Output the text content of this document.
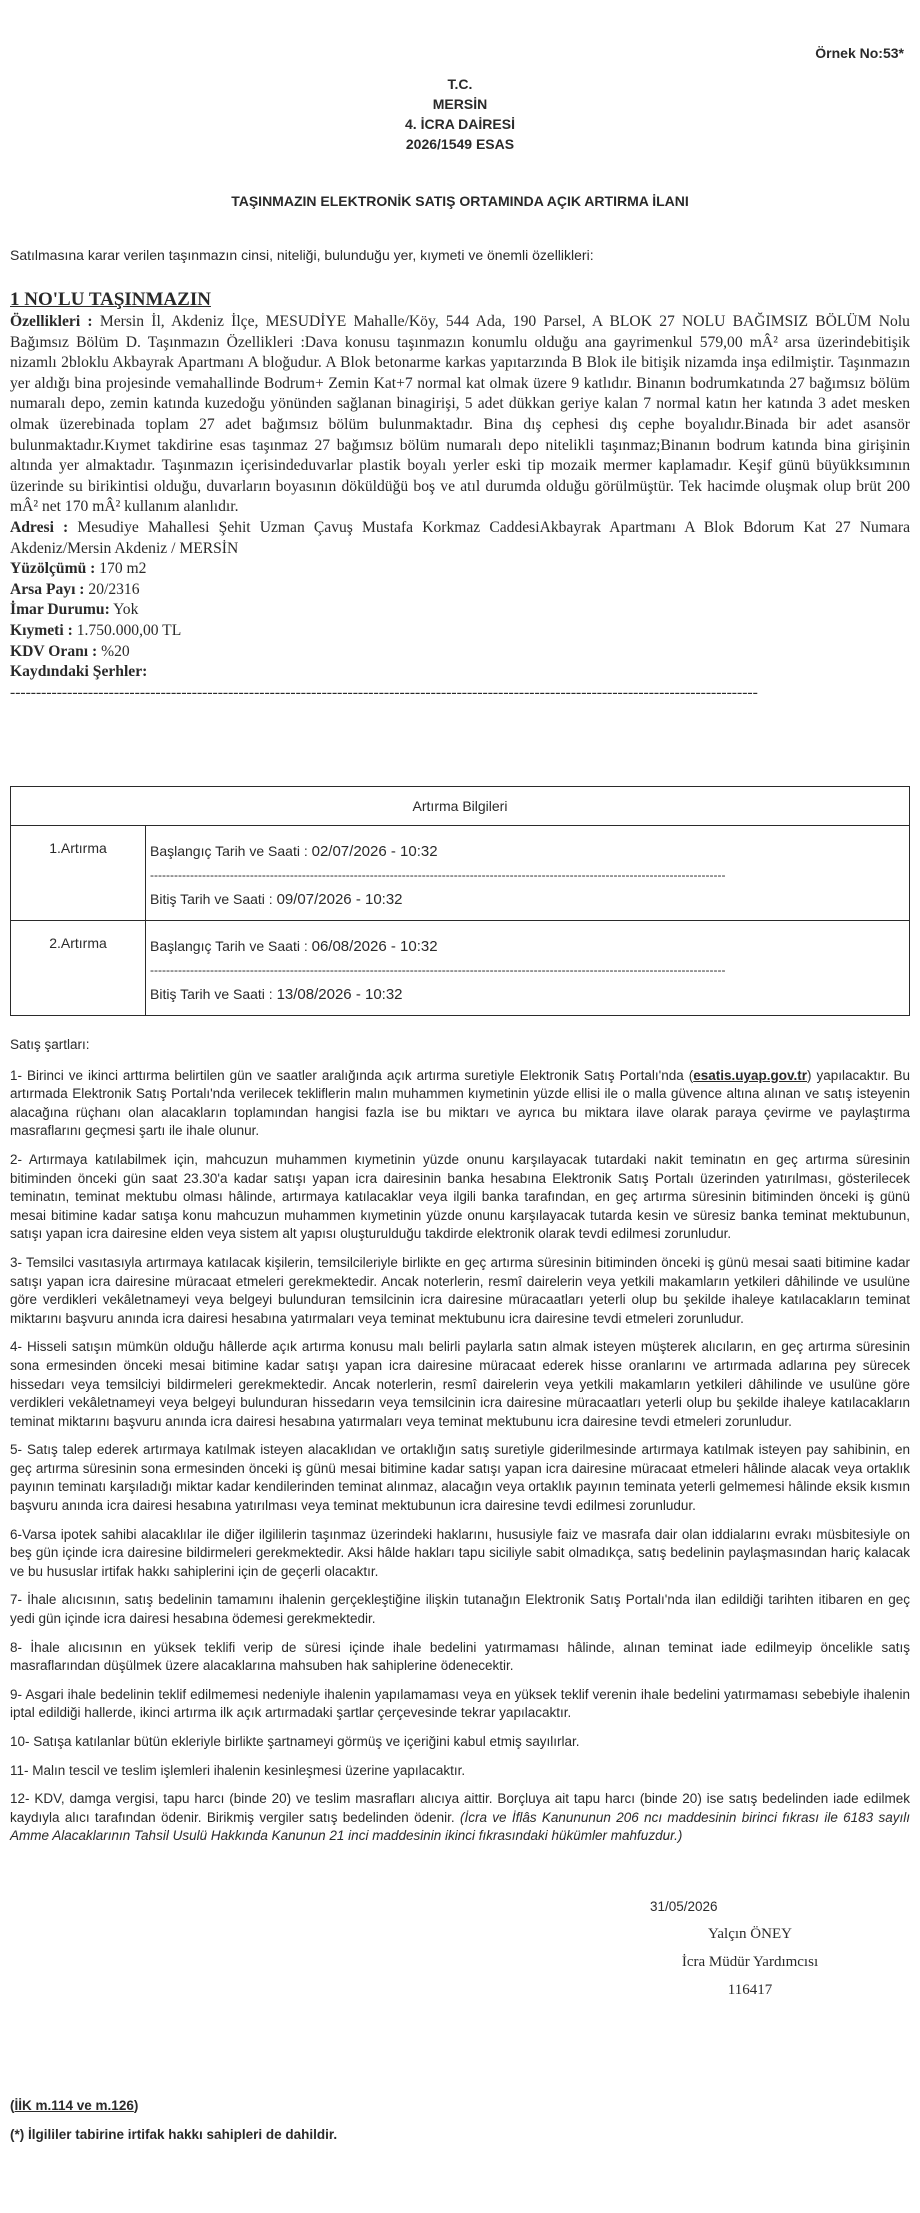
Örnek No:53*
T.C.
MERSİN
4. İCRA DAİRESİ
2026/1549 ESAS
TAŞINMAZIN ELEKTRONİK SATIŞ ORTAMINDA AÇIK ARTIRMA İLANI
Satılmasına karar verilen taşınmazın cinsi, niteliği, bulunduğu yer, kıymeti ve önemli özellikleri:
1 NO'LU TAŞINMAZIN
Özellikleri : Mersin İl, Akdeniz İlçe, MESUDİYE Mahalle/Köy, 544 Ada, 190 Parsel, A BLOK 27 NOLU BAĞIMSIZ BÖLÜM Nolu Bağımsız Bölüm D. Taşınmazın Özellikleri :Dava konusu taşınmazın konumlu olduğu ana gayrimenkul 579,00 mÂ² arsa üzerindebitişik nizamlı 2bloklu Akbayrak Apartmanı A bloğudur. A Blok betonarme karkas yapıtarzında B Blok ile bitişik nizamda inşa edilmiştir. Taşınmazın yer aldığı bina projesinde vemahallinde Bodrum+ Zemin Kat+7 normal kat olmak üzere 9 katlıdır. Binanın bodrumkatında 27 bağımsız bölüm numaralı depo, zemin katında kuzedoğu yönünden sağlanan binagirişi, 5 adet dükkan geriye kalan 7 normal katın her katında 3 adet mesken olmak üzerebinada toplam 27 adet bağımsız bölüm bulunmaktadır. Bina dış cephesi dış cephe boyalıdır.Binada bir adet asansör bulunmaktadır.Kıymet takdirine esas taşınmaz 27 bağımsız bölüm numaralı depo nitelikli taşınmaz;Binanın bodrum katında bina girişinin altında yer almaktadır. Taşınmazın içerisindeduvarlar plastik boyalı yerler eski tip mozaik mermer kaplamadır. Keşif günü büyükksımının üzerinde su birikintisi olduğu, duvarların boyasının döküldüğü boş ve atıl durumda olduğu görülmüştür. Tek hacimde oluşmak olup brüt 200 mÂ² net 170 mÂ² kullanım alanlıdır.
Adresi : Mesudiye Mahallesi Şehit Uzman Çavuş Mustafa Korkmaz CaddesiAkbayrak Apartmanı A Blok Bdorum Kat 27 Numara Akdeniz/Mersin Akdeniz / MERSİN
Yüzölçümü : 170 m2
Arsa Payı : 20/2316
İmar Durumu: Yok
Kıymeti : 1.750.000,00 TL
KDV Oranı : %20
Kaydındaki Şerhler:
------------------------------------------------------------------------------------------------------------------------------------------------
Artırma Bilgileri	
1.Artırma	Başlangıç Tarih ve Saati : 02/07/2026 - 10:32
------------------------------------------------------------------------------------------------------------------------------------------------
Bitiş Tarih ve Saati : 09/07/2026 - 10:32

2.Artırma	Başlangıç Tarih ve Saati : 06/08/2026 - 10:32
------------------------------------------------------------------------------------------------------------------------------------------------
Bitiş Tarih ve Saati : 13/08/2026 - 10:32

Satış şartları:

1- Birinci ve ikinci arttırma belirtilen gün ve saatler aralığında açık artırma suretiyle Elektronik Satış Portalı'nda (esatis.uyap.gov.tr) yapılacaktır. Bu artırmada Elektronik Satış Portalı'nda verilecek tekliflerin malın muhammen kıymetinin yüzde ellisi ile o malla güvence altına alınan ve satış isteyenin alacağına rüçhanı olan alacakların toplamından hangisi fazla ise bu miktarı ve ayrıca bu miktara ilave olarak paraya çevirme ve paylaştırma masraflarını geçmesi şartı ile ihale olunur.

2- Artırmaya katılabilmek için, mahcuzun muhammen kıymetinin yüzde onunu karşılayacak tutardaki nakit teminatın en geç artırma süresinin bitiminden önceki gün saat 23.30'a kadar satışı yapan icra dairesinin banka hesabına Elektronik Satış Portalı üzerinden yatırılması, gösterilecek teminatın, teminat mektubu olması hâlinde, artırmaya katılacaklar veya ilgili banka tarafından, en geç artırma süresinin bitiminden önceki iş günü mesai bitimine kadar satışa konu mahcuzun muhammen kıymetinin yüzde onunu karşılayacak tutarda kesin ve süresiz banka teminat mektubunun, satışı yapan icra dairesine elden veya sistem alt yapısı oluşturulduğu takdirde elektronik olarak tevdi edilmesi zorunludur.

3- Temsilci vasıtasıyla artırmaya katılacak kişilerin, temsilcileriyle birlikte en geç artırma süresinin bitiminden önceki iş günü mesai saati bitimine kadar satışı yapan icra dairesine müracaat etmeleri gerekmektedir. Ancak noterlerin, resmî dairelerin veya yetkili makamların yetkileri dâhilinde ve usulüne göre verdikleri vekâletnameyi veya belgeyi bulunduran temsilcinin icra dairesine müracaatları yeterli olup bu şekilde ihaleye katılacakların teminat miktarını başvuru anında icra dairesi hesabına yatırmaları veya teminat mektubunu icra dairesine tevdi etmeleri zorunludur.

4- Hisseli satışın mümkün olduğu hâllerde açık artırma konusu malı belirli paylarla satın almak isteyen müşterek alıcıların, en geç artırma süresinin sona ermesinden önceki mesai bitimine kadar satışı yapan icra dairesine müracaat ederek hisse oranlarını ve artırmada adlarına pey sürecek hissedarı veya temsilciyi bildirmeleri gerekmektedir. Ancak noterlerin, resmî dairelerin veya yetkili makamların yetkileri dâhilinde ve usulüne göre verdikleri vekâletnameyi veya belgeyi bulunduran hissedarın veya temsilcinin icra dairesine müracaatları yeterli olup bu şekilde ihaleye katılacakların teminat miktarını başvuru anında icra dairesi hesabına yatırmaları veya teminat mektubunu icra dairesine tevdi etmeleri zorunludur.

5- Satış talep ederek artırmaya katılmak isteyen alacaklıdan ve ortaklığın satış suretiyle giderilmesinde artırmaya katılmak isteyen pay sahibinin, en geç artırma süresinin sona ermesinden önceki iş günü mesai bitimine kadar satışı yapan icra dairesine müracaat etmeleri hâlinde alacak veya ortaklık payının teminatı karşıladığı miktar kadar kendilerinden teminat alınmaz, alacağın veya ortaklık payının teminata yeterli gelmemesi hâlinde eksik kısmın başvuru anında icra dairesi hesabına yatırılması veya teminat mektubunun icra dairesine tevdi edilmesi zorunludur.

6-Varsa ipotek sahibi alacaklılar ile diğer ilgililerin taşınmaz üzerindeki haklarını, hususiyle faiz ve masrafa dair olan iddialarını evrakı müsbitesiyle on beş gün içinde icra dairesine bildirmeleri gerekmektedir. Aksi hâlde hakları tapu siciliyle sabit olmadıkça, satış bedelinin paylaşmasından hariç kalacak ve bu hususlar irtifak hakkı sahiplerini için de geçerli olacaktır.

7- İhale alıcısının, satış bedelinin tamamını ihalenin gerçekleştiğine ilişkin tutanağın Elektronik Satış Portalı'nda ilan edildiği tarihten itibaren en geç yedi gün içinde icra dairesi hesabına ödemesi gerekmektedir.

8- İhale alıcısının en yüksek teklifi verip de süresi içinde ihale bedelini yatırmaması hâlinde, alınan teminat iade edilmeyip öncelikle satış masraflarından düşülmek üzere alacaklarına mahsuben hak sahiplerine ödenecektir.

9- Asgari ihale bedelinin teklif edilmemesi nedeniyle ihalenin yapılamaması veya en yüksek teklif verenin ihale bedelini yatırmaması sebebiyle ihalenin iptal edildiği hallerde, ikinci artırma ilk açık artırmadaki şartlar çerçevesinde tekrar yapılacaktır.

10- Satışa katılanlar bütün ekleriyle birlikte şartnameyi görmüş ve içeriğini kabul etmiş sayılırlar.

11- Malın tescil ve teslim işlemleri ihalenin kesinleşmesi üzerine yapılacaktır.

12- KDV, damga vergisi, tapu harcı (binde 20) ve teslim masrafları alıcıya aittir. Borçluya ait tapu harcı (binde 20) ise satış bedelinden iade edilmek kaydıyla alıcı tarafından ödenir. Birikmiş vergiler satış bedelinden ödenir. (İcra ve İflâs Kanununun 206 ncı maddesinin birinci fıkrası ile 6183 sayılı Amme Alacaklarının Tahsil Usulü Hakkında Kanunun 21 inci maddesinin ikinci fıkrasındaki hükümler mahfuzdur.)

31/05/2026
Yalçın ÖNEY
İcra Müdür Yardımcısı
116417
(İİK m.114 ve m.126)
(*) İlgililer tabirine irtifak hakkı sahipleri de dahildir.
